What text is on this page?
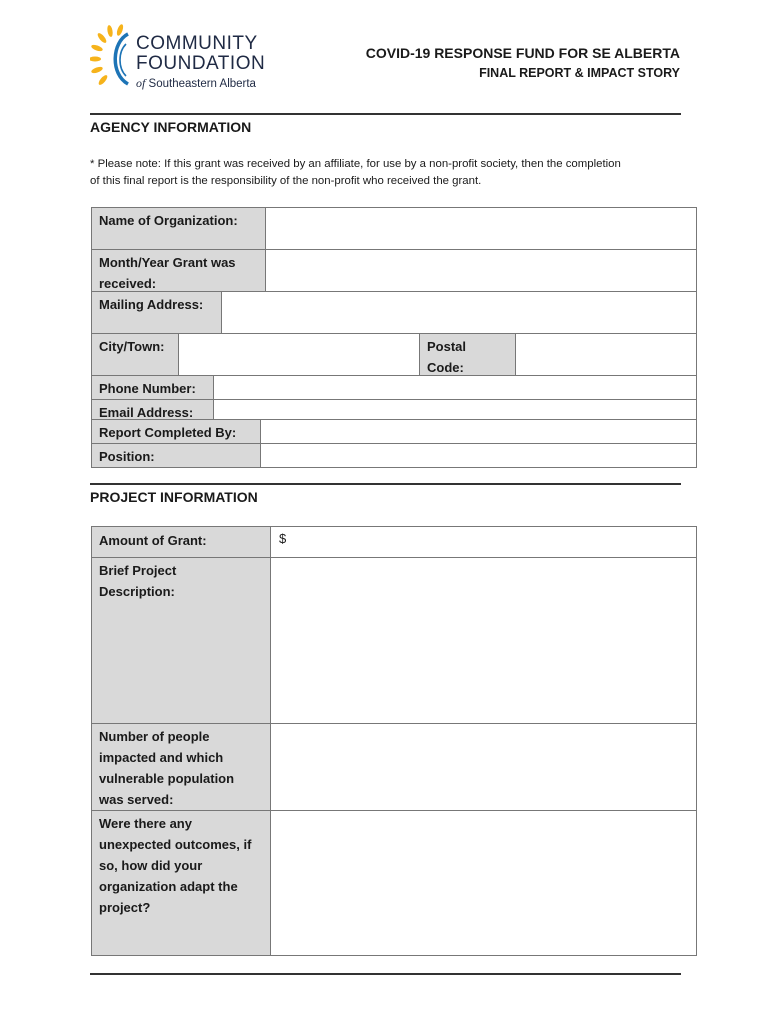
COMMUNITY
FOUNDATION
of Southeastern Alberta
COVID-19 RESPONSE FUND FOR SE ALBERTA
FINAL REPORT & IMPACT STORY
AGENCY INFORMATION
* Please note: If this grant was received by an affiliate, for use by a non-profit society, then the completion
of this final report is the responsibility of the non-profit who received the grant.
Name of Organization:	

Month/Year Grant was
received:	

Mailing Address:	
City/Town:		Postal
Code:

Phone Number:	
Email Address:	
Report Completed By:	
Position:	
PROJECT INFORMATION
Amount of Grant:	$

Brief Project
Description:	

Number of people
impacted and which
vulnerable population
was served:	

Were there any
unexpected outcomes, if
so, how did your
organization adapt the
project?	
